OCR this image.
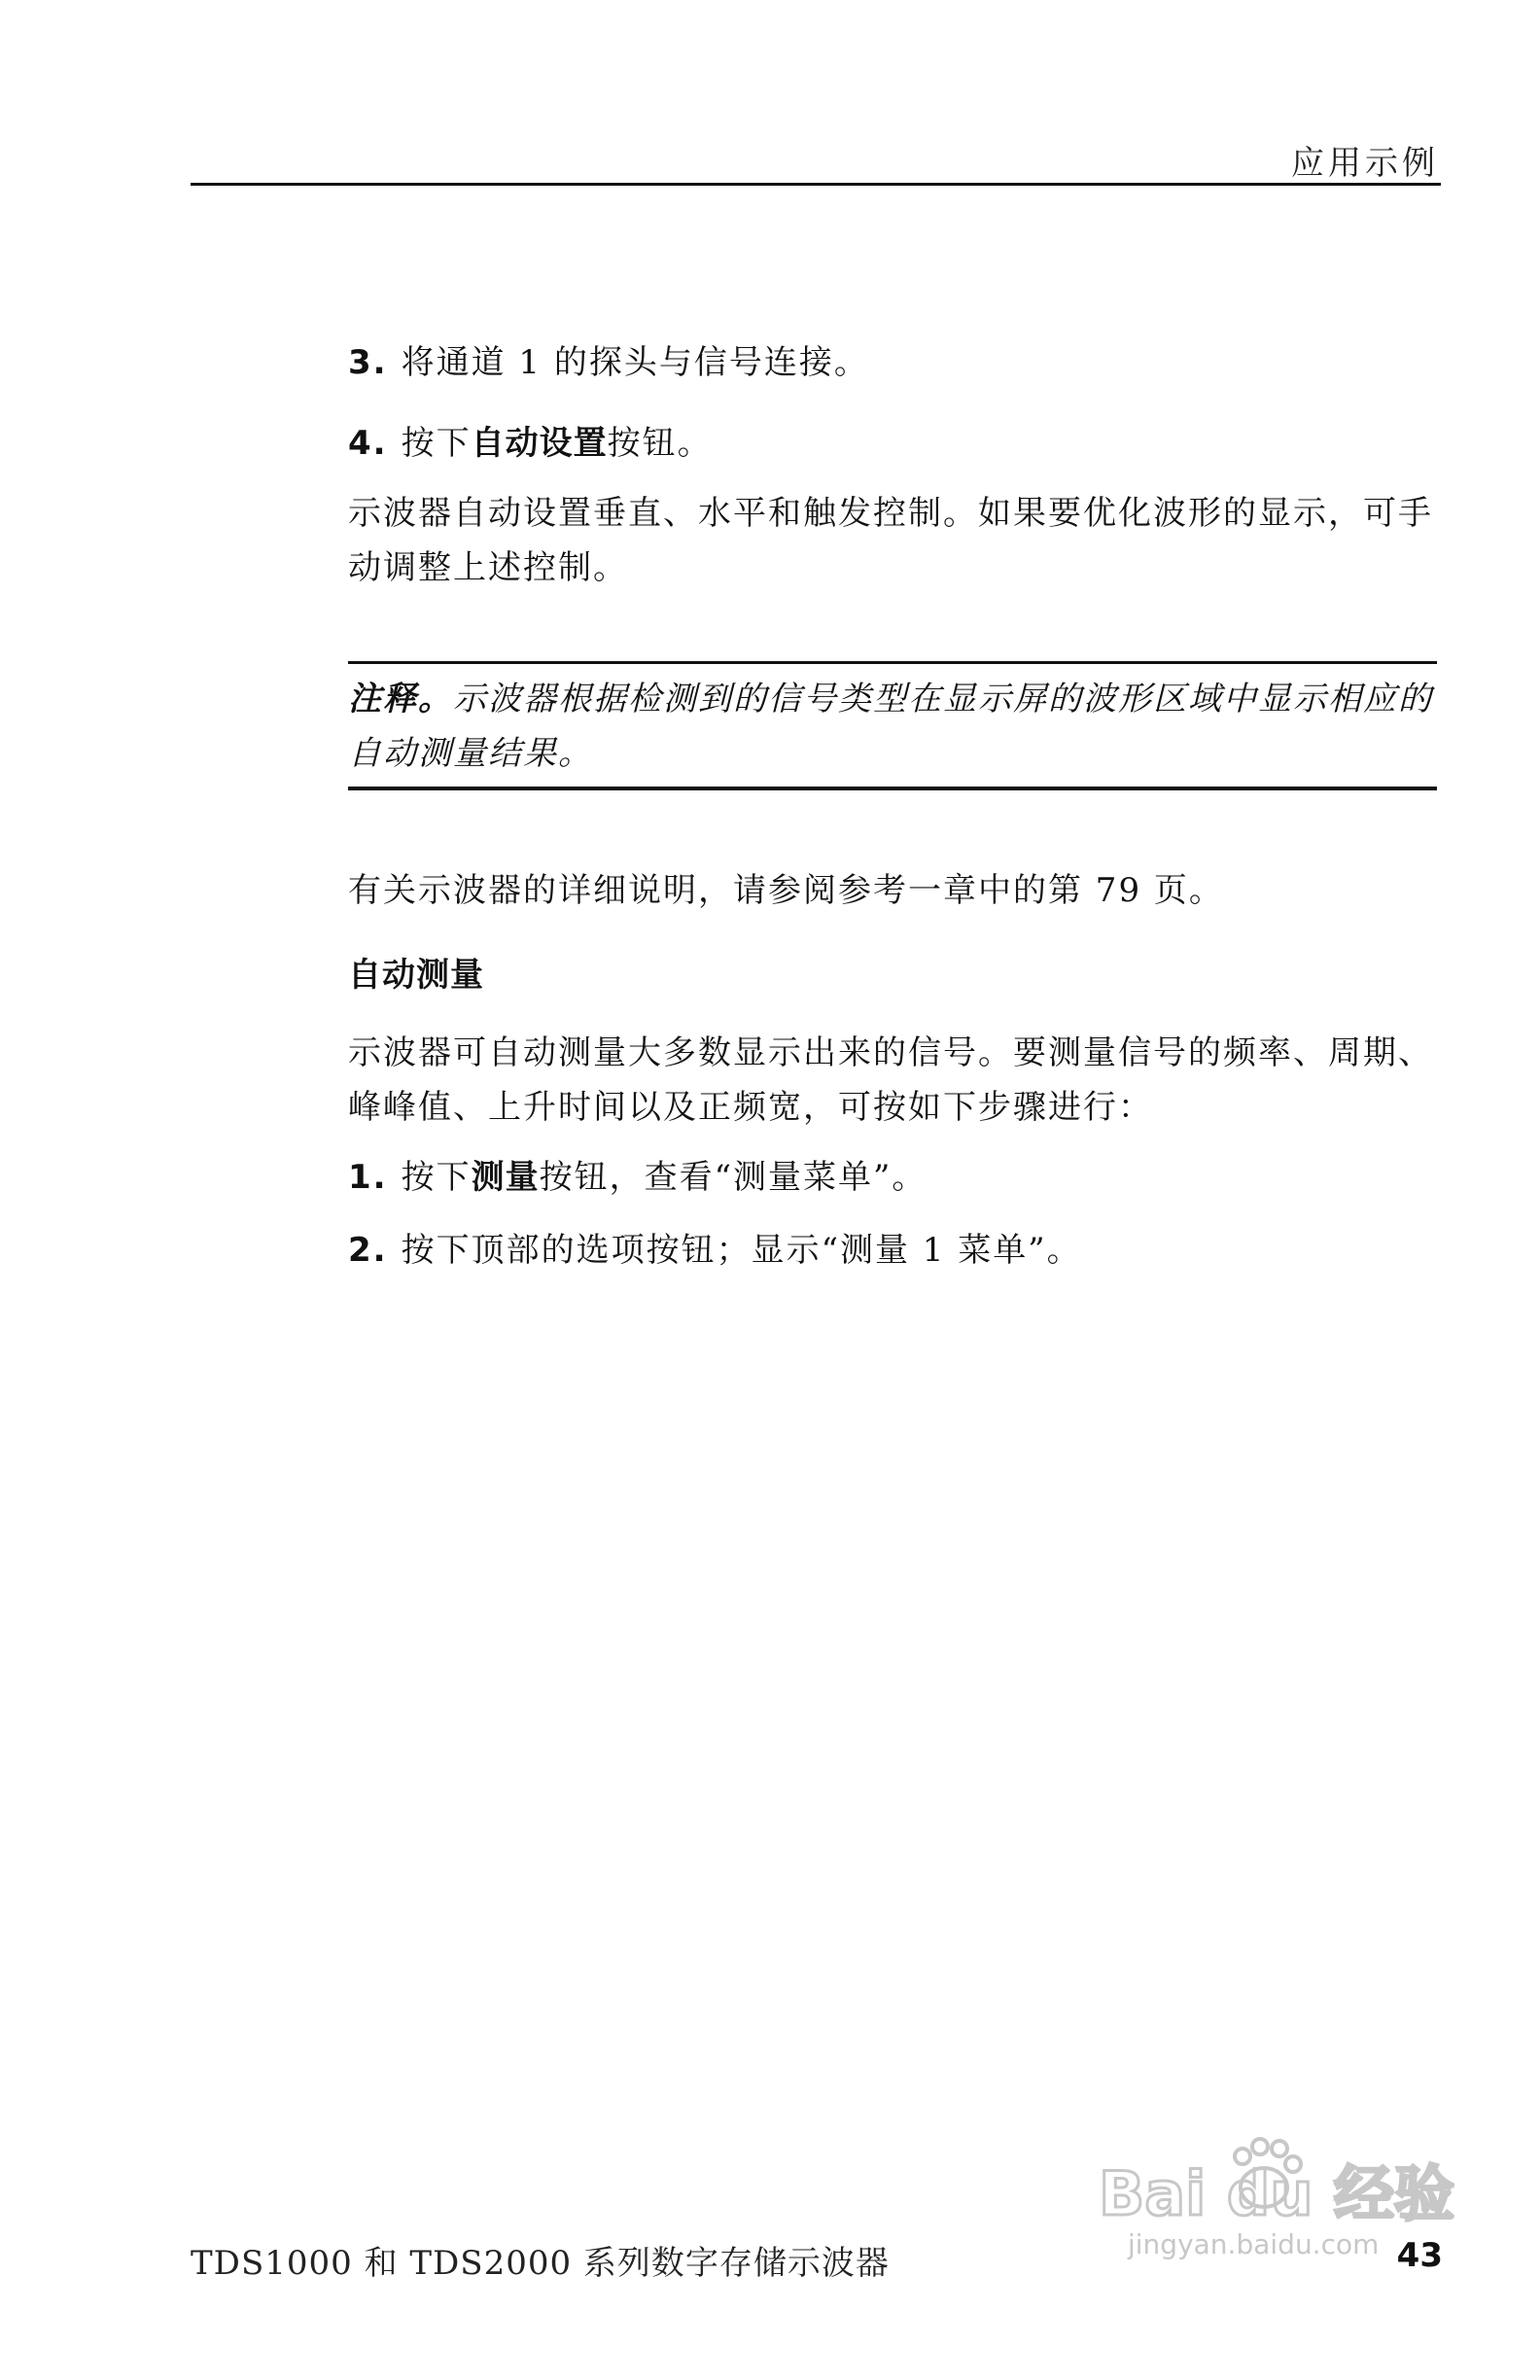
应用示例
3. 将通道 1 的探头与信号连接。
4. 按下自动设置按钮。

示波器自动设置垂直、水平和触发控制。如果要优化波形的显示，可手动调整上述控制。

注释。示波器根据检测到的信号类型在显示屏的波形区域中显示相应的自动测量结果。

有关示波器的详细说明，请参阅参考一章中的第 79 页。

自动测量

示波器可自动测量大多数显示出来的信号。要测量信号的频率、周期、峰峰值、上升时间以及正频宽，可按如下步骤进行：

1. 按下测量按钮，查看“测量菜单”。
2. 按下顶部的选项按钮；显示“测量 1 菜单”。
TDS1000 和 TDS2000 系列数字存储示波器	43
Bai du 经验
jingyan.baidu.com
